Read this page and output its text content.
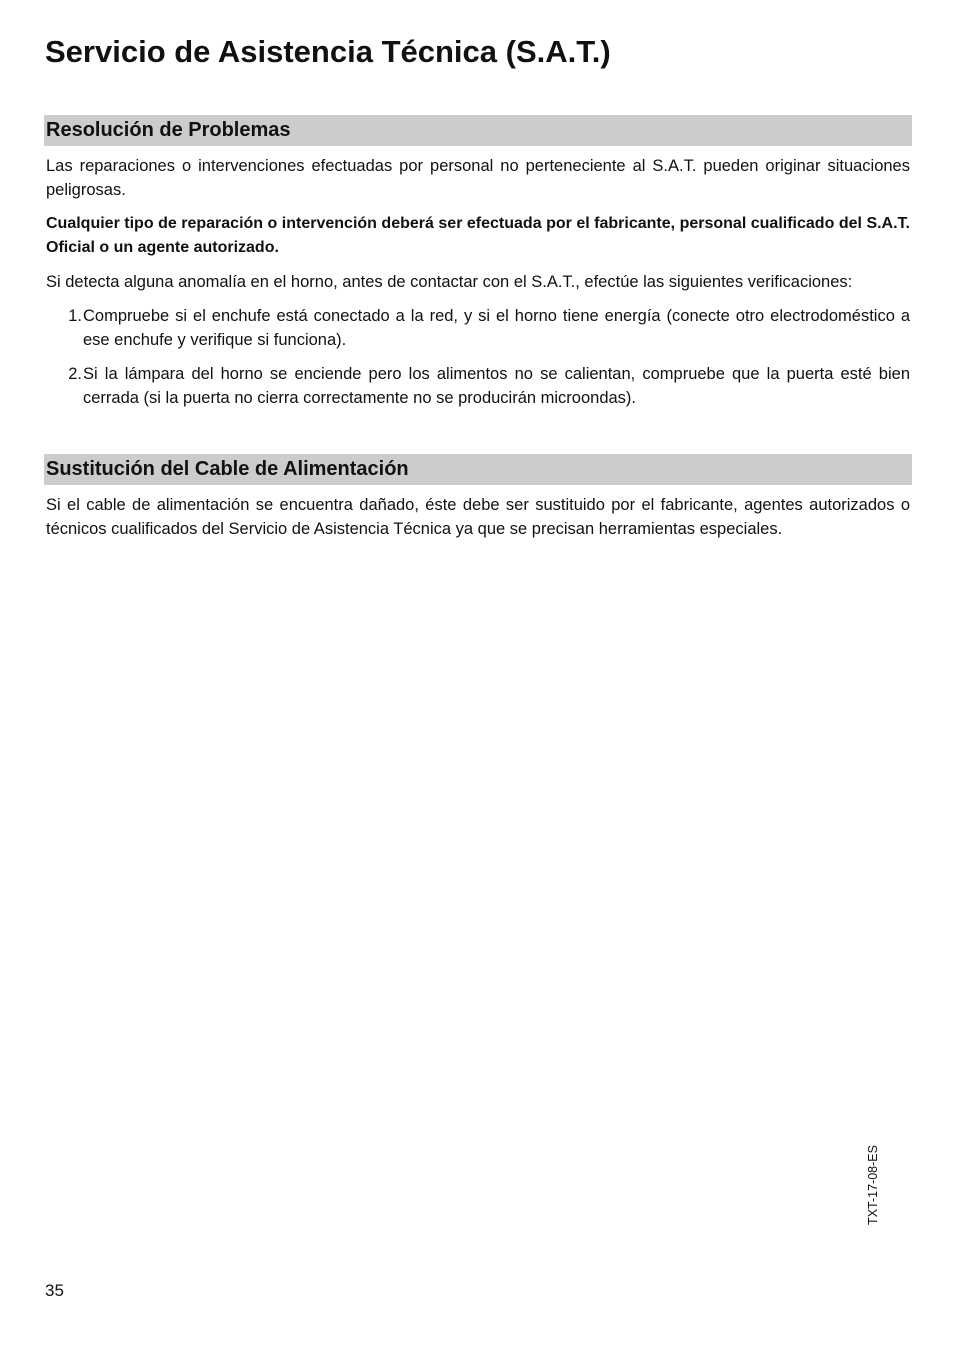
Servicio de Asistencia Técnica (S.A.T.)
Resolución de Problemas

Las reparaciones o intervenciones efectuadas por personal no perteneciente al S.A.T. pueden originar situaciones peligrosas.

Cualquier tipo de reparación o intervención deberá ser efectuada por el fabricante, personal cualificado del S.A.T. Oficial o un agente autorizado.

Si detecta alguna anomalía en el horno, antes de contactar con el S.A.T., efectúe las siguientes verificaciones:

1. Compruebe si el enchufe está conectado a la red, y si el horno tiene energía (conecte otro electrodoméstico a ese enchufe y verifique si funciona).
2. Si la lámpara del horno se enciende pero los alimentos no se calientan, compruebe que la puerta esté bien cerrada (si la puerta no cierra correctamente no se producirán microondas).
Sustitución del Cable de Alimentación

Si el cable de alimentación se encuentra dañado, éste debe ser sustituido por el fabricante, agentes autorizados o técnicos cualificados del Servicio de Asistencia Técnica ya que se precisan herramientas especiales.

TXT-17-08-ES
35
